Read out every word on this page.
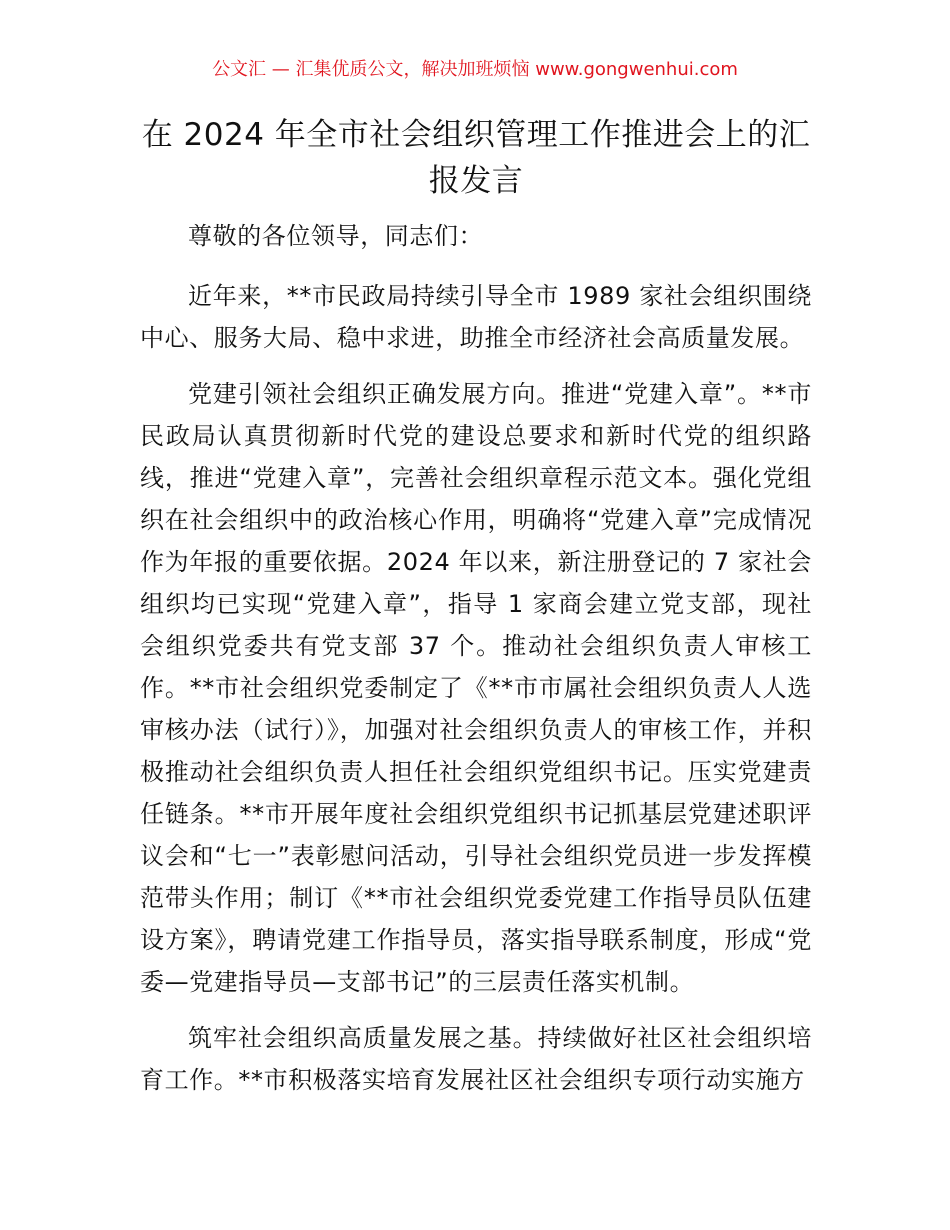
公文汇 — 汇集优质公文，解决加班烦恼 www.gongwenhui.com
在 2024 年全市社会组织管理工作推进会上的汇报发言

尊敬的各位领导，同志们：

近年来，**市民政局持续引导全市 1989 家社会组织围绕中心、服务大局、稳中求进，助推全市经济社会高质量发展。

党建引领社会组织正确发展方向。推进“党建入章”。**市民政局认真贯彻新时代党的建设总要求和新时代党的组织路线，推进“党建入章”，完善社会组织章程示范文本。强化党组织在社会组织中的政治核心作用，明确将“党建入章”完成情况作为年报的重要依据。2024 年以来，新注册登记的 7 家社会组织均已实现“党建入章”，指导 1 家商会建立党支部，现社会组织党委共有党支部 37 个。推动社会组织负责人审核工作。**市社会组织党委制定了《**市市属社会组织负责人人选审核办法（试行）》，加强对社会组织负责人的审核工作，并积极推动社会组织负责人担任社会组织党组织书记。压实党建责任链条。**市开展年度社会组织党组织书记抓基层党建述职评议会和“七一”表彰慰问活动，引导社会组织党员进一步发挥模范带头作用；制订《**市社会组织党委党建工作指导员队伍建设方案》，聘请党建工作指导员，落实指导联系制度，形成“党委—党建指导员—支部书记”的三层责任落实机制。

筑牢社会组织高质量发展之基。持续做好社区社会组织培育工作。**市积极落实培育发展社区社会组织专项行动实施方
